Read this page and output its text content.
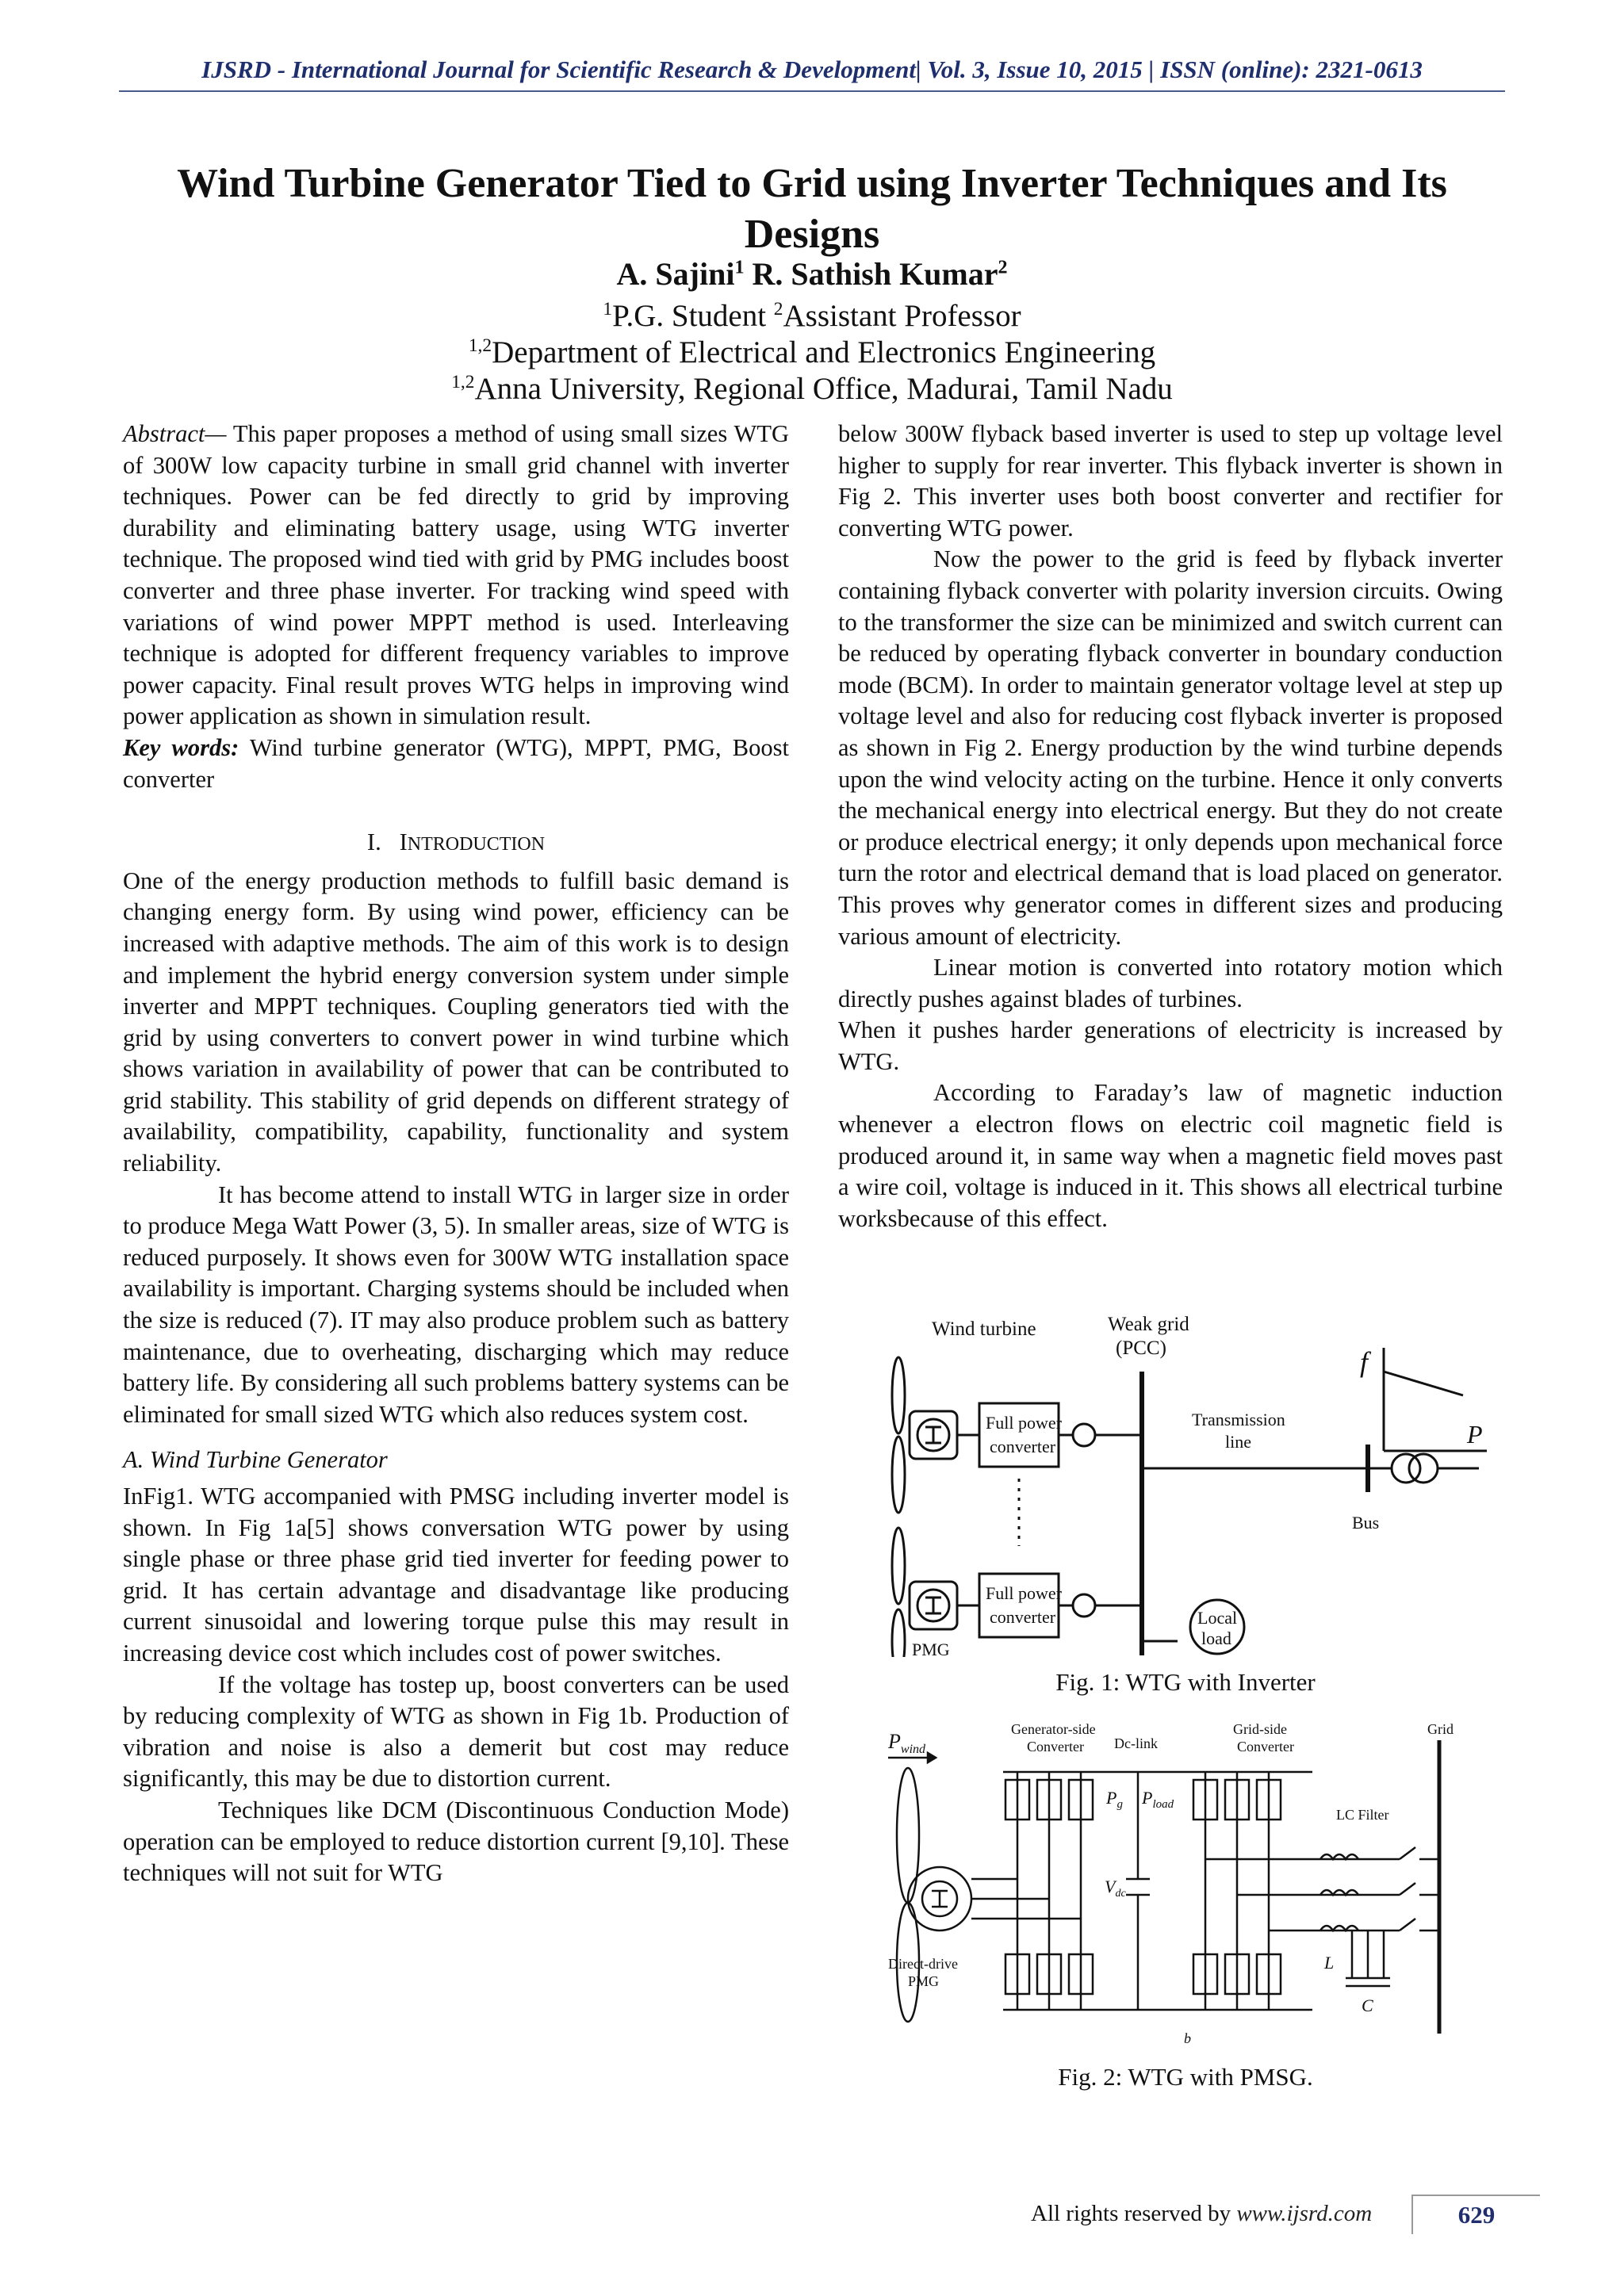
IJSRD - International Journal for Scientific Research & Development| Vol. 3, Issue 10, 2015 | ISSN (online): 2321-0613
Wind Turbine Generator Tied to Grid using Inverter Techniques and Its Designs
A. Sajini$^1$ R. Sathish Kumar$^2$
$^1$P.G. Student $^2$Assistant Professor
$^{1,2}$Department of Electrical and Electronics Engineering
$^{1,2}$Anna University, Regional Office, Madurai, Tamil Nadu

Abstract— This paper proposes a method of using small sizes WTG of 300W low capacity turbine in small grid channel with inverter techniques. Power can be fed directly to grid by improving durability and eliminating battery usage, using WTG inverter technique. The proposed wind tied with grid by PMG includes boost converter and three phase inverter. For tracking wind speed with variations of wind power MPPT method is used. Interleaving technique is adopted for different frequency variables to improve power capacity. Final result proves WTG helps in improving wind power application as shown in simulation result.

Key words: Wind turbine generator (WTG), MPPT, PMG, Boost converter

I. INTRODUCTION

One of the energy production methods to fulfill basic demand is changing energy form. By using wind power, efficiency can be increased with adaptive methods. The aim of this work is to design and implement the hybrid energy conversion system under simple inverter and MPPT techniques. Coupling generators tied with the grid by using converters to convert power in wind turbine which shows variation in availability of power that can be contributed to grid stability. This stability of grid depends on different strategy of availability, compatibility, capability, functionality and system reliability.

It has become attend to install WTG in larger size in order to produce Mega Watt Power (3, 5). In smaller areas, size of WTG is reduced purposely. It shows even for 300W WTG installation space availability is important. Charging systems should be included when the size is reduced (7). IT may also produce problem such as battery maintenance, due to overheating, discharging which may reduce battery life. By considering all such problems battery systems can be eliminated for small sized WTG which also reduces system cost.

A. Wind Turbine Generator

InFig1. WTG accompanied with PMSG including inverter model is shown. In Fig 1a[5] shows conversation WTG power by using single phase or three phase grid tied inverter for feeding power to grid. It has certain advantage and disadvantage like producing current sinusoidal and lowering torque pulse this may result in increasing device cost which includes cost of power switches.

If the voltage has tostep up, boost converters can be used by reducing complexity of WTG as shown in Fig 1b. Production of vibration and noise is also a demerit but cost may reduce significantly, this may be due to distortion current.

Techniques like DCM (Discontinuous Conduction Mode) operation can be employed to reduce distortion current [9,10]. These techniques will not suit for WTG

below 300W flyback based inverter is used to step up voltage level higher to supply for rear inverter. This flyback inverter is shown in Fig 2. This inverter uses both boost converter and rectifier for converting WTG power.

Now the power to the grid is feed by flyback inverter containing flyback converter with polarity inversion circuits. Owing to the transformer the size can be minimized and switch current can be reduced by operating flyback converter in boundary conduction mode (BCM). In order to maintain generator voltage level at step up voltage level and also for reducing cost flyback inverter is proposed as shown in Fig 2. Energy production by the wind turbine depends upon the wind velocity acting on the turbine. Hence it only converts the mechanical energy into electrical energy. But they do not create or produce electrical energy; it only depends upon mechanical force turn the rotor and electrical demand that is load placed on generator. This proves why generator comes in different sizes and producing various amount of electricity.

Linear motion is converted into rotatory motion which directly pushes against blades of turbines.

When it pushes harder generations of electricity is increased by WTG.

According to Faraday’s law of magnetic induction whenever a electron flows on electric coil magnetic field is produced around it, in same way when a magnetic field moves past a wire coil, voltage is induced in it. This shows all electrical turbine worksbecause of this effect.

Wind turbine	Weak grid
(PCC)
Full power
converter
Full power
converter
PMG
Local
load
Transmission
line
Bus
f
P
Fig. 1: WTG with Inverter
$P_{wind}$
Generator-side
Converter Dc-link
Grid-side
Converter
Grid
Direct-drive
PMG
$P_g$ $P_{load}$
$V_{dc}$
LC Filter
L
C
b
Fig. 2: WTG with PMSG.
All rights reserved by www.ijsrd.com	629
